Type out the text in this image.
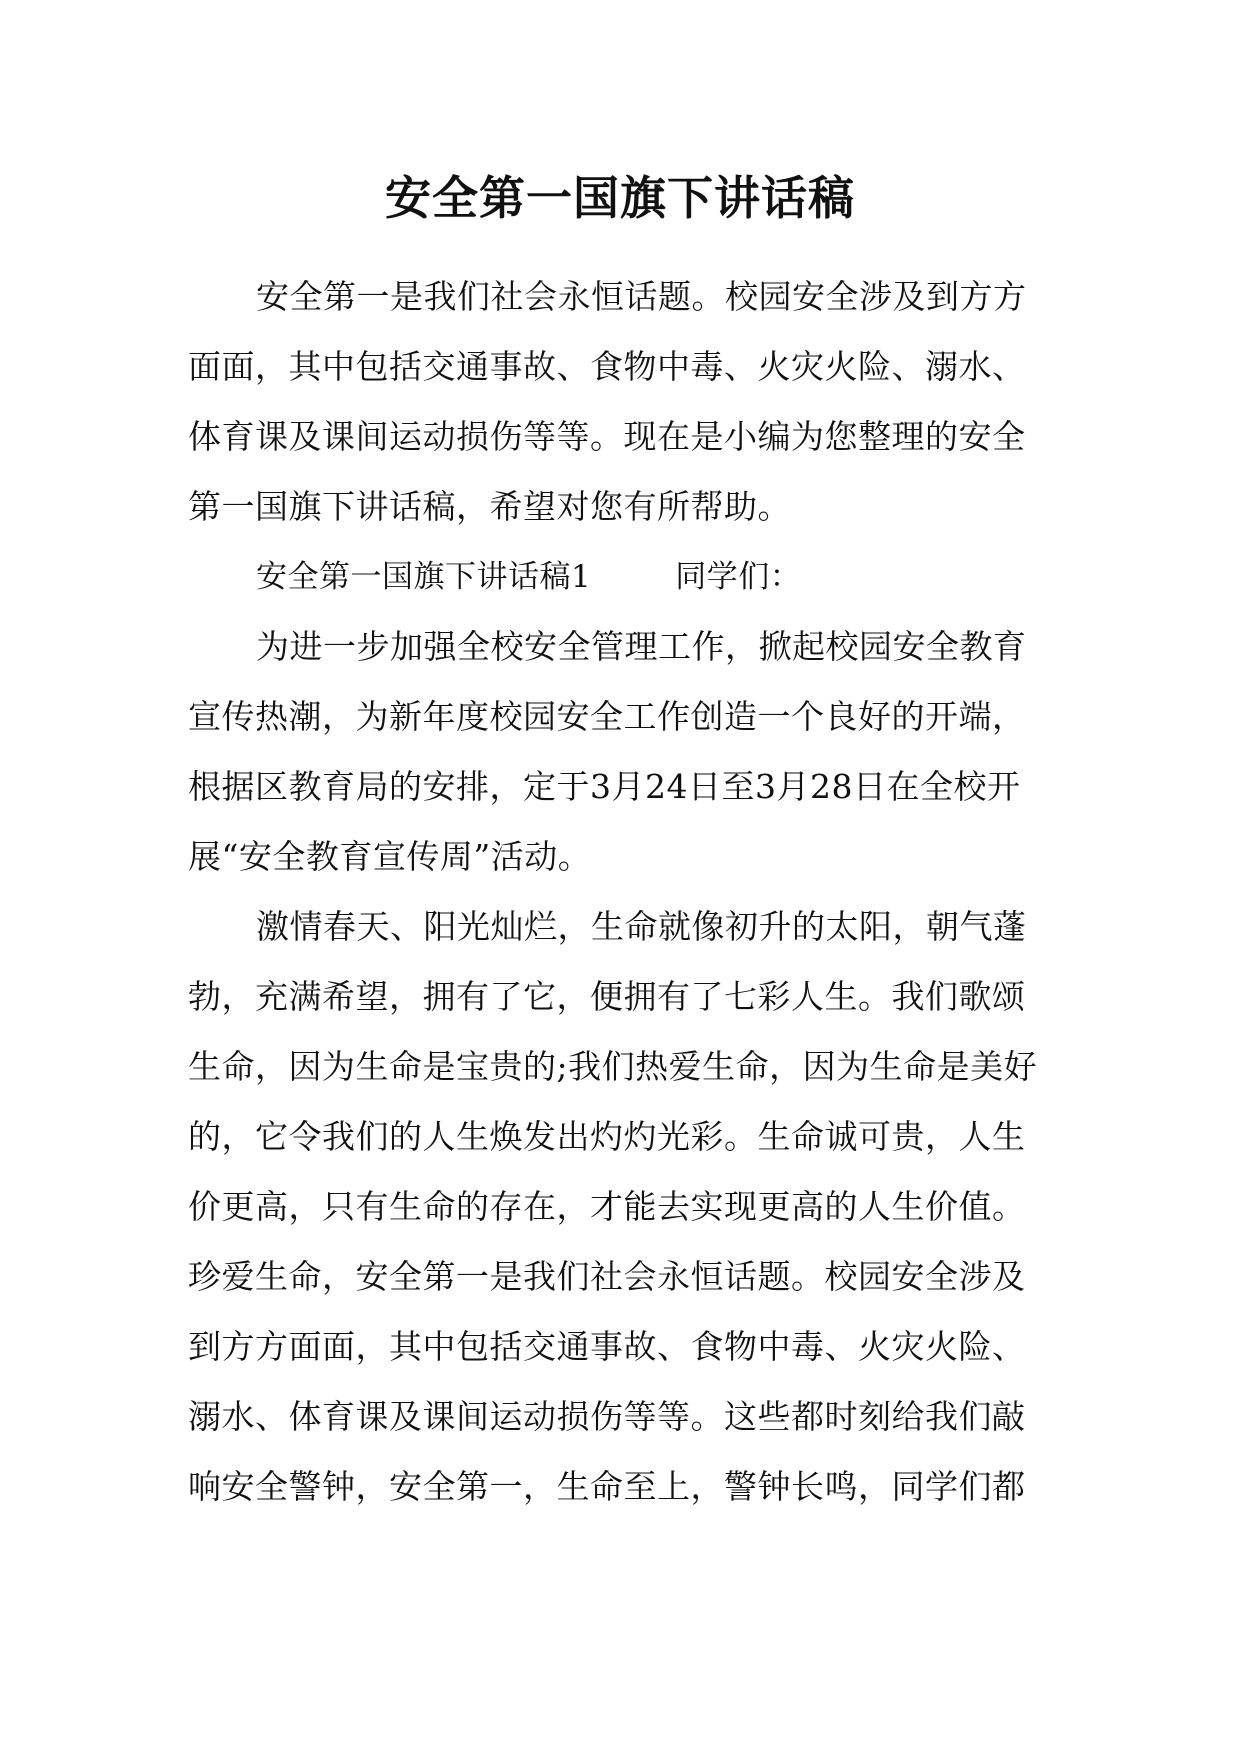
安全第一国旗下讲话稿
安全第一是我们社会永恒话题。校园安全涉及到方方
面面，其中包括交通事故、食物中毒、火灾火险、溺水、
体育课及课间运动损伤等等。现在是小编为您整理的安全
第一国旗下讲话稿，希望对您有所帮助。
安全第一国旗下讲话稿1	同学们：
为进一步加强全校安全管理工作，掀起校园安全教育
宣传热潮，为新年度校园安全工作创造一个良好的开端，
根据区教育局的安排，定于3月24日至3月28日在全校开
展“安全教育宣传周”活动。
激情春天、阳光灿烂，生命就像初升的太阳，朝气蓬
勃，充满希望，拥有了它，便拥有了七彩人生。我们歌颂
生命，因为生命是宝贵的;我们热爱生命，因为生命是美好
的，它令我们的人生焕发出灼灼光彩。生命诚可贵，人生
价更高，只有生命的存在，才能去实现更高的人生价值。
珍爱生命，安全第一是我们社会永恒话题。校园安全涉及
到方方面面，其中包括交通事故、食物中毒、火灾火险、
溺水、体育课及课间运动损伤等等。这些都时刻给我们敲
响安全警钟，安全第一，生命至上，警钟长鸣，同学们都
